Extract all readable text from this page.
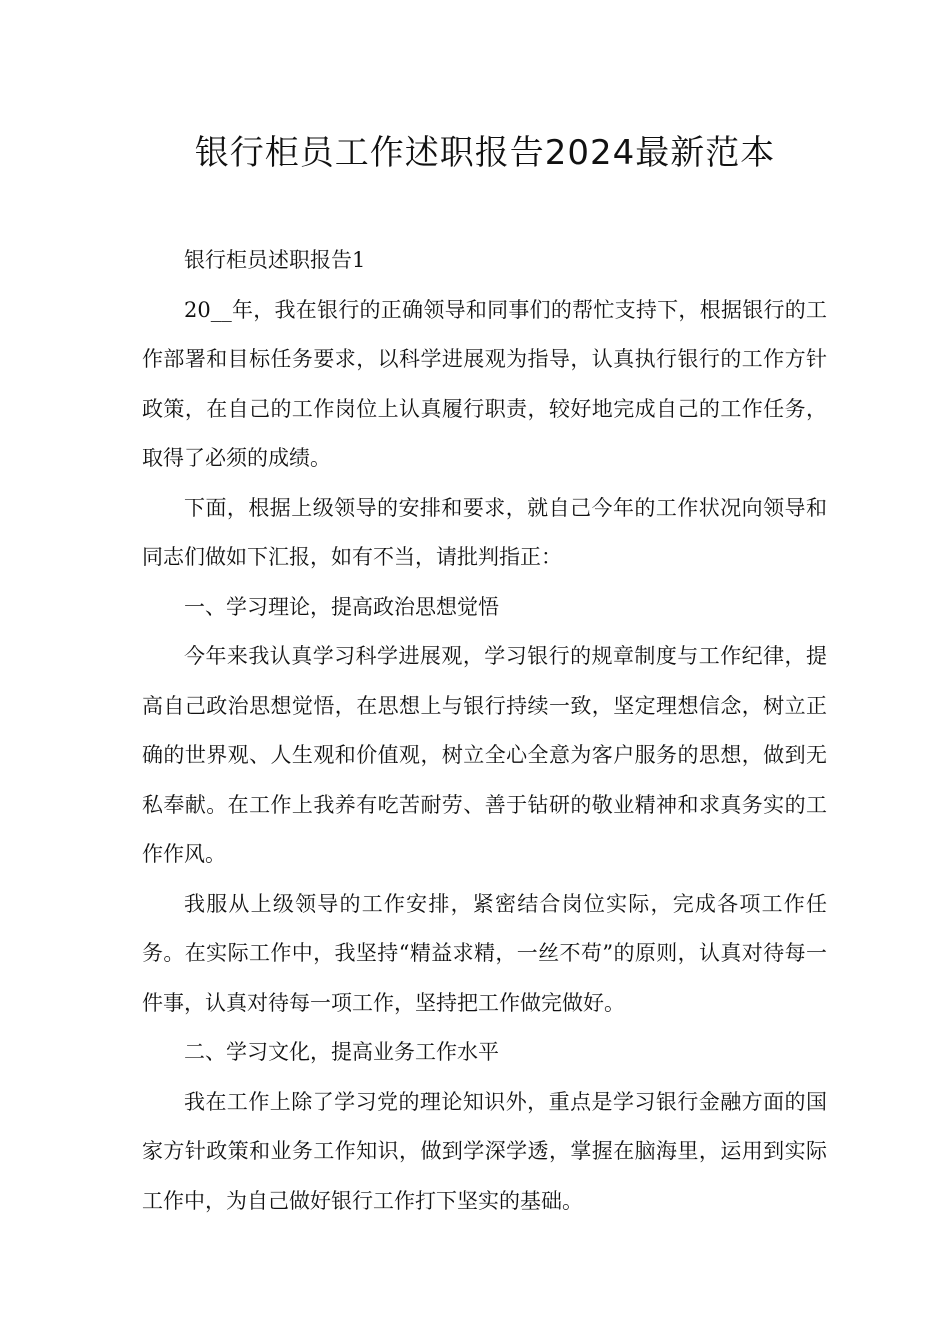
银行柜员工作述职报告2024最新范本

银行柜员述职报告1

20__年，我在银行的正确领导和同事们的帮忙支持下，根据银行的工作部署和目标任务要求，以科学进展观为指导，认真执行银行的工作方针政策，在自己的工作岗位上认真履行职责，较好地完成自己的工作任务，取得了必须的成绩。

下面，根据上级领导的安排和要求，就自己今年的工作状况向领导和同志们做如下汇报，如有不当，请批判指正：

一、学习理论，提高政治思想觉悟

今年来我认真学习科学进展观，学习银行的规章制度与工作纪律，提高自己政治思想觉悟，在思想上与银行持续一致，坚定理想信念，树立正确的世界观、人生观和价值观，树立全心全意为客户服务的思想，做到无私奉献。在工作上我养有吃苦耐劳、善于钻研的敬业精神和求真务实的工作作风。

我服从上级领导的工作安排，紧密结合岗位实际，完成各项工作任务。在实际工作中，我坚持“精益求精，一丝不苟”的原则，认真对待每一件事，认真对待每一项工作，坚持把工作做完做好。

二、学习文化，提高业务工作水平

我在工作上除了学习党的理论知识外，重点是学习银行金融方面的国家方针政策和业务工作知识，做到学深学透，掌握在脑海里，运用到实际工作中，为自己做好银行工作打下坚实的基础。
